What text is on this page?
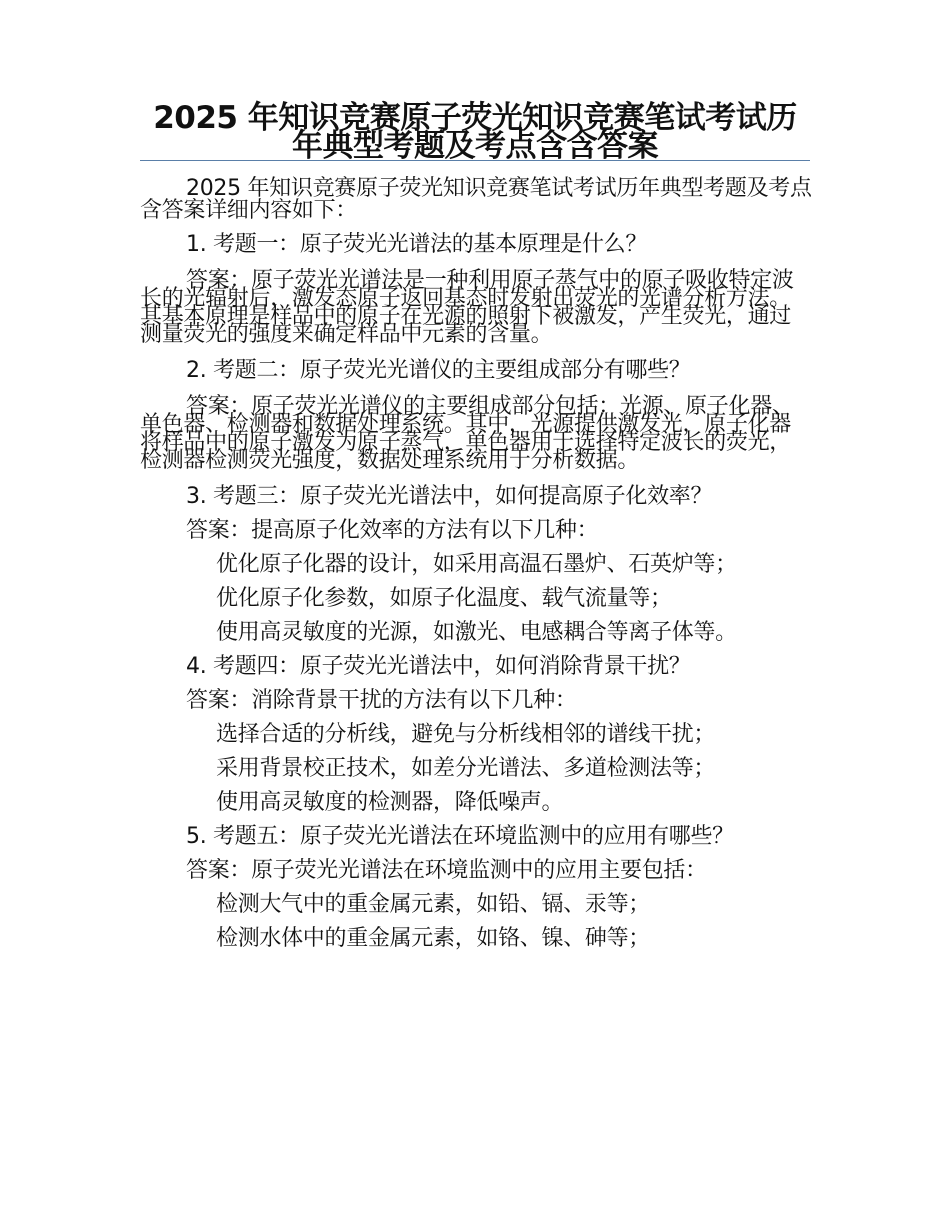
2025 年知识竞赛原子荧光知识竞赛笔试考试历年典型考题及考点含含答案

2025 年知识竞赛原子荧光知识竞赛笔试考试历年典型考题及考点含答案详细内容如下：

1. 考题一：原子荧光光谱法的基本原理是什么？

答案：原子荧光光谱法是一种利用原子蒸气中的原子吸收特定波长的光辐射后，激发态原子返回基态时发射出荧光的光谱分析方法。其基本原理是样品中的原子在光源的照射下被激发，产生荧光，通过测量荧光的强度来确定样品中元素的含量。

2. 考题二：原子荧光光谱仪的主要组成部分有哪些？

答案：原子荧光光谱仪的主要组成部分包括：光源、原子化器、单色器、检测器和数据处理系统。其中，光源提供激发光，原子化器将样品中的原子激发为原子蒸气，单色器用于选择特定波长的荧光，检测器检测荧光强度，数据处理系统用于分析数据。

3. 考题三：原子荧光光谱法中，如何提高原子化效率？

答案：提高原子化效率的方法有以下几种：

优化原子化器的设计，如采用高温石墨炉、石英炉等；

优化原子化参数，如原子化温度、载气流量等；

使用高灵敏度的光源，如激光、电感耦合等离子体等。

4. 考题四：原子荧光光谱法中，如何消除背景干扰？

答案：消除背景干扰的方法有以下几种：

选择合适的分析线，避免与分析线相邻的谱线干扰；

采用背景校正技术，如差分光谱法、多道检测法等；

使用高灵敏度的检测器，降低噪声。

5. 考题五：原子荧光光谱法在环境监测中的应用有哪些？

答案：原子荧光光谱法在环境监测中的应用主要包括：

检测大气中的重金属元素，如铅、镉、汞等；

检测水体中的重金属元素，如铬、镍、砷等；
